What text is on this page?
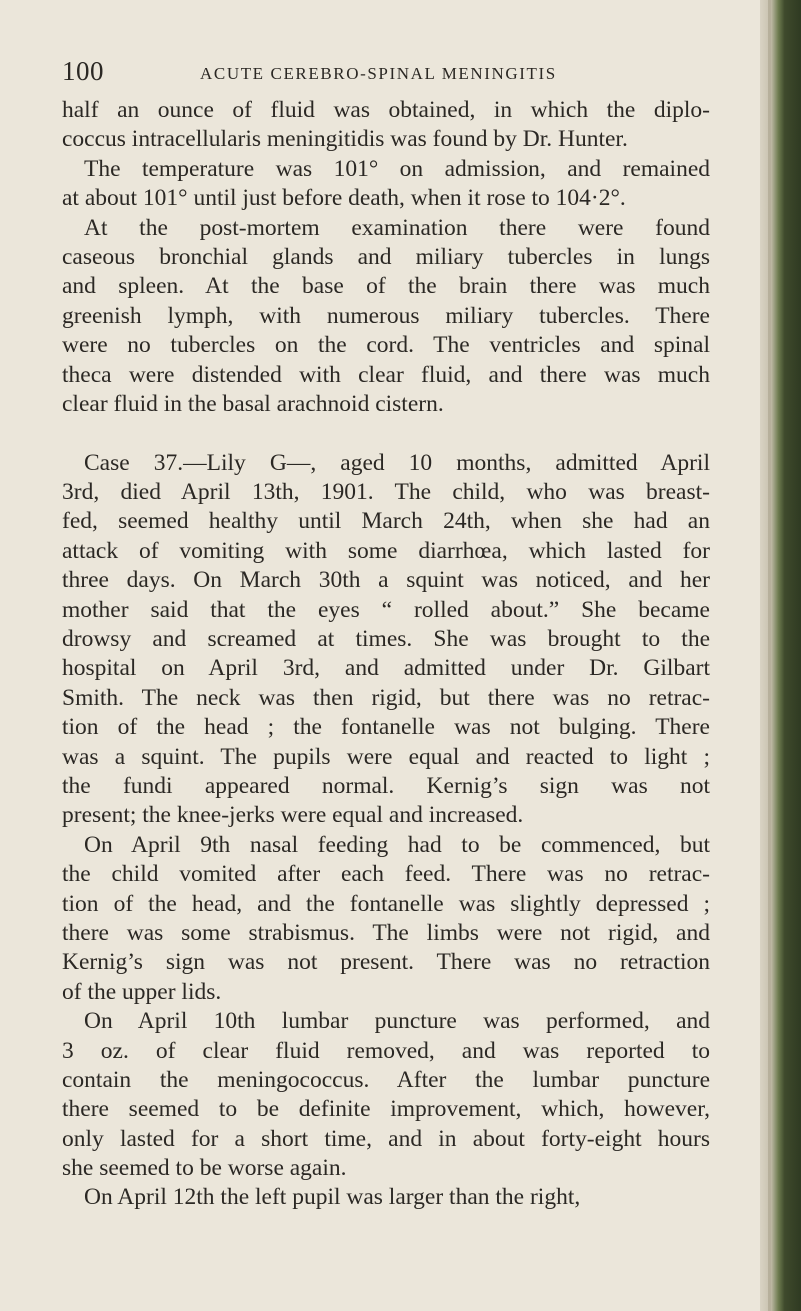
100	ACUTE CEREBRO-SPINAL MENINGITIS
half an ounce of fluid was obtained, in which the diplo-
coccus intracellularis meningitidis was found by Dr. Hunter.
The temperature was 101° on admission, and remained
at about 101° until just before death, when it rose to 104·2°.
At the post-mortem examination there were found
caseous bronchial glands and miliary tubercles in lungs
and spleen. At the base of the brain there was much
greenish lymph, with numerous miliary tubercles. There
were no tubercles on the cord. The ventricles and spinal
theca were distended with clear fluid, and there was much
clear fluid in the basal arachnoid cistern.
Case 37.—Lily G—, aged 10 months, admitted April
3rd, died April 13th, 1901. The child, who was breast-
fed, seemed healthy until March 24th, when she had an
attack of vomiting with some diarrhœa, which lasted for
three days. On March 30th a squint was noticed, and her
mother said that the eyes “ rolled about.” She became
drowsy and screamed at times. She was brought to the
hospital on April 3rd, and admitted under Dr. Gilbart
Smith. The neck was then rigid, but there was no retrac-
tion of the head ; the fontanelle was not bulging. There
was a squint. The pupils were equal and reacted to light ;
the fundi appeared normal. Kernig’s sign was not
present; the knee-jerks were equal and increased.
On April 9th nasal feeding had to be commenced, but
the child vomited after each feed. There was no retrac-
tion of the head, and the fontanelle was slightly depressed ;
there was some strabismus. The limbs were not rigid, and
Kernig’s sign was not present. There was no retraction
of the upper lids.
On April 10th lumbar puncture was performed, and
3 oz. of clear fluid removed, and was reported to
contain the meningococcus. After the lumbar puncture
there seemed to be definite improvement, which, however,
only lasted for a short time, and in about forty-eight hours
she seemed to be worse again.
On April 12th the left pupil was larger than the right,
